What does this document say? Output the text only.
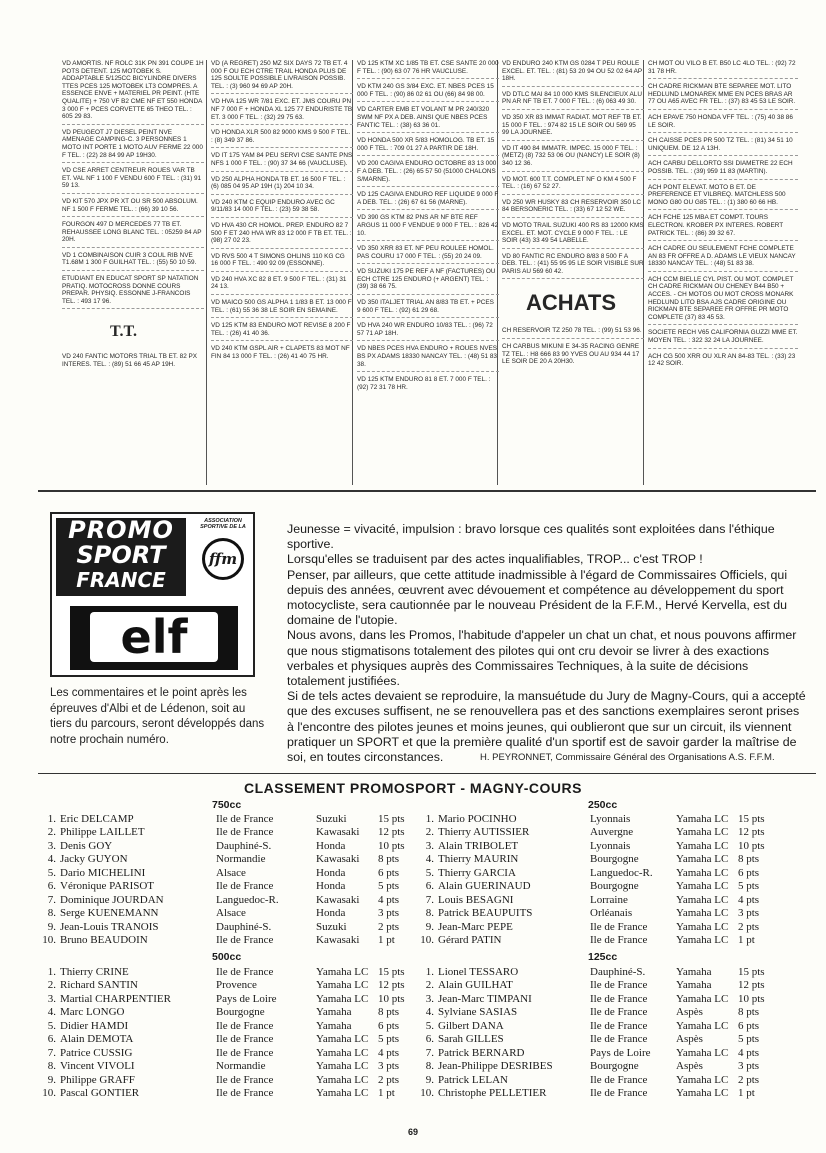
VD AMORTIS. NF ROLC 31K PN 391 COUPE 1H POTS DETENT. 125 MOTOBEK S. ADDAPTABLE 5/125CC BICYLINDRE DIVERS TTES PCES 125 MOTOBEK LT3 COMPRES. A ESSENCE ENVE + MATERIEL PR PEINT. (HTE QUALITE) + 750 VF B2 CME NF ET 550 HONDA 3 000 F + PCES CORVETTE 65 THEO TEL. : 605 29 83.
VD PEUGEOT J7 DIESEL PEINT NVE AMENAGE CAMPING-C. 3 PERSONNES 1 MOTO INT PORTE 1 MOTO AUV FERME 22 000 F TEL. : (22) 28 84 99 AP 19H30.
VD CSE ARRET CENTREUR ROUES VAR TB ET. VAL NF 1 100 F VENDU 600 F TEL. : (31) 91 59 13.
VD KIT 570 JPX PR XT OU SR 500 ABSOLUM. NF 1 500 F FERME TEL. : (66) 39 10 56.
FOURGON 497 D MERCEDES 77 TB ET. REHAUSSEE LONG BLANC TEL. : 05259 84 AP 20H.
VD 1 COMBINAISON CUIR 3 COUL RIB NVE T1.68M 1 300 F GUILHAT TEL. : (55) 50 10 59.
ETUDIANT EN EDUCAT SPORT SP NATATION PRATIQ. MOTOCROSS DONNE COURS PREPAR. PHYSIQ. ESSONNE J-FRANCOIS TEL. : 493 17 96.
T.T.
VD 240 FANTIC MOTORS TRIAL TB ET. 82 PX INTERES. TEL. : (89) 51 66 45 AP 19H.
VD (A REGRET) 250 MZ SIX DAYS 72 TB ET. 4 000 F OU ECH CTRE TRAIL HONDA PLUS DE 125 SOULTE POSSIBLE LIVRAISON POSSIB. TEL. : (3) 960 94 69 AP 20H.
VD HVA 125 WR 7/81 EXC. ET. JMS COURU PN NF 7 000 F + HONDA XL 125 77 ENDURISTE TB ET. 3 000 F TEL. : (32) 29 75 63.
VD HONDA XLR 500 82 9000 KMS 9 500 F TEL. : (8) 349 37 86.
VD IT 175 YAM 84 PEU SERVI CSE SANTE PNS NFS 1 000 F TEL. : (90) 37 34 66 (VAUCLUSE).
VD 250 ALPHA HONDA TB ET. 16 500 F TEL. : (6) 085 04 95 AP 19H (1) 204 10 34.
VD 240 KTM C EQUIP ENDURO AVEC GC 9/11/83 14 000 F TEL. : (23) 59 38 58.
VD HVA 430 CR HOMOL. PREP. ENDURO 82 7 500 F ET 240 HVA WR 83 12 000 F TB ET. TEL. : (98) 27 02 23.
VD RVS 500 4 T SIMONS OHLINS 110 KG CG 16 000 F TEL. : 490 92 09 (ESSONNE).
VD 240 HVA XC 82 8 ET. 9 500 F TEL. : (31) 31 24 13.
VD MAICO 500 GS ALPHA 1 1/83 B ET. 13 000 F TEL. : (61) 55 36 38 LE SOIR EN SEMAINE.
VD 125 KTM 83 ENDURO MOT REVISE 8 200 F TEL. : (26) 41 40 36.
VD 240 KTM GSPL AIR + CLAPETS 83 MOT NF FIN 84 13 000 F TEL. : (26) 41 40 75 HR.
VD 125 KTM XC 1/85 TB ET. CSE SANTE 20 000 F TEL. : (90) 63 07 76 HR VAUCLUSE.
VD KTM 240 GS 3/84 EXC. ET. NBES PCES 15 000 F TEL. : (90) 86 02 61 OU (66) 84 98 00.
VD CARTER EMB ET VOLANT M PR 240/320 SWM NF PX A DEB. AINSI QUE NBES PCES FANTIC TEL. : (38) 63 36 01.
VD HONDA 500 XR 5/83 HOMOLOG. TB ET. 15 000 F TEL. : 709 01 27 A PARTIR DE 18H.
VD 200 CAGIVA ENDURO OCTOBRE 83 13 000 F A DEB. TEL. : (26) 65 57 50 (51000 CHALONS S/MARNE).
VD 125 CAGIVA ENDURO REF LIQUIDE 9 000 F A DEB. TEL. : (26) 67 61 56 (MARNE).
VD 390 GS KTM 82 PNS AR NF BTE REF ARGUS 11 000 F VENDUE 9 000 F TEL. : 826 42 10.
VD 350 XRR 83 ET. NF PEU ROULEE HOMOL. PAS COURU 17 000 F TEL. : (55) 20 24 09.
VD SUZUKI 175 PE REF A NF (FACTURES) OU ECH CTRE 125 ENDURO (+ ARGENT) TEL. : (39) 38 66 75.
VD 350 ITALJET TRIAL AN 8/83 TB ET. + PCES 9 600 F TEL. : (92) 61 29 68.
VD HVA 240 WR ENDURO 10/83 TEL. : (96) 72 57 71 AP 18H.
VD NBES PCES HVA ENDURO + ROUES NVES BS PX ADAMS 18330 NANCAY TEL. : (48) 51 83 38.
VD 125 KTM ENDURO 81 8 ET. 7 000 F TEL. : (92) 72 31 78 HR.
VD ENDURO 240 KTM GS 0284 T PEU ROULE EXCEL. ET. TEL. : (81) 53 20 94 OU 52 02 64 AP 18H.
VD DTLC MAI 84 10 000 KMS SILENCIEUX ALU PN AR NF TB ET. 7 000 F TEL. : (6) 063 49 30.
VD 350 XR 83 IMMAT RADIAT. MOT REF TB ET. 15 000 F TEL. : 974 82 15 LE SOIR OU 569 95 99 LA JOURNEE.
VD IT 490 84 IMMATR. IMPEC. 15 000 F TEL. : (METZ) (8) 732 53 06 OU (NANCY) LE SOIR (8) 340 12 36.
VD MOT. 600 T.T. COMPLET NF O KM 4 500 F TEL. : (16) 67 52 27.
VD 250 WR HUSKY 83 CH RESERVOIR 350 LC 84 BERSONERIC TEL. : (33) 67 12 52 WE.
VD MOTO TRAIL SUZUKI 400 RS 83 12000 KMS EXCEL. ET. MOT. CYCLE 9 000 F TEL. : LE SOIR (43) 33 49 54 LABELLE.
VD 80 FANTIC RC ENDURO 8/83 8 500 F A DEB. TEL. : (41) 55 95 95 LE SOIR VISIBLE SUR PARIS AU 569 60 42.
ACHATS
CH RESERVOIR TZ 250 78 TEL. : (99) 51 53 96.
CH CARBUS MIKUNI E 34-35 RACING GENRE TZ TEL. : H8 666 83 90 YVES OU AU 934 44 17 LE SOIR DE 20 A 20H30.
CH MOT OU VILO B ET. B50 LC 4LO TEL. : (92) 72 31 78 HR.
CH CADRE RICKMAN BTE SEPAREE MOT. LITO HEDLUND LMONAREK MME EN PCES BRAS AR 77 OU A65 AVEC FR TEL. : (37) 83 45 53 LE SOIR.
ACH EPAVE 750 HONDA VFF TEL. : (75) 40 38 86 LE SOIR.
CH CAISSE PCES PR 500 TZ TEL. : (81) 34 51 10 UNIQUEM. DE 12 A 13H.
ACH CARBU DELLORTO SSI DIAMETRE 22 ECH POSSIB. TEL. : (39) 959 11 83 (MARTIN).
ACH PONT ELEVAT. MOTO B ET. DE PREFERENCE ET VILBREQ. MATCHLESS 500 MONO G80 OU G85 TEL. : (1) 380 60 66 HB.
ACH FCHE 125 MBA ET COMPT. TOURS ELECTRON. KROBER PX INTERES. ROBERT PATRICK TEL. : (86) 39 32 67.
ACH CADRE OU SEULEMENT FCHE COMPLETE AN 83 FR OFFRE A D. ADAMS LE VIEUX NANCAY 18330 NANCAY TEL. : (48) 51 83 38.
ACH CCM BIELLE CYL PIST. OU MOT. COMPLET CH CADRE RICKMAN OU CHENEY B44 B50 + ACCES. - CH MOTOS OU MOT CROSS MONARK HEDLUND LITO BSA AJS CADRE ORIGINE OU RICKMAN BTE SEPAREE FR OFFRE PR MOTO COMPLETE (37) 83 45 53.
SOCIETE RECH V65 CALIFORNIA GUZZI MME ET. MOYEN TEL. : 322 32 24 LA JOURNEE.
ACH CG 500 XRR OU XLR AN 84-83 TEL. : (33) 23 12 42 SOIR.
PROMO
SPORT
FRANCE
ASSOCIATION SPORTIVE DE LA
ffm
elf
Les commentaires et le point après les épreuves d'Albi et de Lédenon, soit au tiers du parcours, seront développés dans notre prochain numéro.

Jeunesse = vivacité, impulsion : bravo lorsque ces qualités sont exploitées dans l'éthique sportive.

Lorsqu'elles se traduisent par des actes inqualifiables, TROP... c'est TROP !

Penser, par ailleurs, que cette attitude inadmissible à l'égard de Commissaires Officiels, qui depuis des années, œuvrent avec dévouement et compétence au développement du sport motocycliste, sera cautionnée par le nouveau Président de la F.F.M., Hervé Kervella, est du domaine de l'utopie.

Nous avons, dans les Promos, l'habitude d'appeler un chat un chat, et nous pouvons affirmer que nous stigmatisons totalement des pilotes qui ont cru devoir se livrer à des exactions verbales et physiques auprès des Commissaires Techniques, à la suite de décisions totalement justifiées.

Si de tels actes devaient se reproduire, la mansuétude du Jury de Magny-Cours, qui a accepté que des excuses suffisent, ne se renouvellera pas et des sanctions exemplaires seront prises à l'encontre des pilotes jeunes et moins jeunes, qui oublieront que sur un circuit, ils viennent pratiquer un SPORT et que la première qualité d'un sportif est de savoir garder la maîtrise de soi, en toutes circonstances.	H. PEYRONNET, Commissaire Général des Organisations A.S. F.F.M.
CLASSEMENT PROMOSPORT - MAGNY-COURS
750cc
1.	Eric DELCAMP	Ile de France	Suzuki	15 pts
2.	Philippe LAILLET	Ile de France	Kawasaki	12 pts
3.	Denis GOY	Dauphiné-S.	Honda	10 pts
4.	Jacky GUYON	Normandie	Kawasaki	8 pts
5.	Dario MICHELINI	Alsace	Honda	6 pts
6.	Véronique PARISOT	Ile de France	Honda	5 pts
7.	Dominique JOURDAN	Languedoc-R.	Kawasaki	4 pts
8.	Serge KUENEMANN	Alsace	Honda	3 pts
9.	Jean-Louis TRANOIS	Dauphiné-S.	Suzuki	2 pts
10.	Bruno BEAUDOIN	Ile de France	Kawasaki	1 pt
250cc
1.	Mario POCINHO	Lyonnais	Yamaha LC	15 pts
2.	Thierry AUTISSIER	Auvergne	Yamaha LC	12 pts
3.	Alain TRIBOLET	Lyonnais	Yamaha LC	10 pts
4.	Thierry MAURIN	Bourgogne	Yamaha LC	8 pts
5.	Thierry GARCIA	Languedoc-R.	Yamaha LC	6 pts
6.	Alain GUERINAUD	Bourgogne	Yamaha LC	5 pts
7.	Louis BESAGNI	Lorraine	Yamaha LC	4 pts
8.	Patrick BEAUPUITS	Orléanais	Yamaha LC	3 pts
9.	Jean-Marc PEPE	Ile de France	Yamaha LC	2 pts
10.	Gérard PATIN	Ile de France	Yamaha LC	1 pt
500cc
1.	Thierry CRINE	Ile de France	Yamaha LC	15 pts
2.	Richard SANTIN	Provence	Yamaha LC	12 pts
3.	Martial CHARPENTIER	Pays de Loire	Yamaha LC	10 pts
4.	Marc LONGO	Bourgogne	Yamaha	8 pts
5.	Didier HAMDI	Ile de France	Yamaha	6 pts
6.	Alain DEMOTA	Ile de France	Yamaha LC	5 pts
7.	Patrice CUSSIG	Ile de France	Yamaha LC	4 pts
8.	Vincent VIVOLI	Normandie	Yamaha LC	3 pts
9.	Philippe GRAFF	Ile de France	Yamaha LC	2 pts
10.	Pascal GONTIER	Ile de France	Yamaha LC	1 pt
125cc
1.	Lionel TESSARO	Dauphiné-S.	Yamaha	15 pts
2.	Alain GUILHAT	Ile de France	Yamaha	12 pts
3.	Jean-Marc TIMPANI	Ile de France	Yamaha LC	10 pts
4.	Sylviane SASIAS	Ile de France	Aspès	8 pts
5.	Gilbert DANA	Ile de France	Yamaha LC	6 pts
6.	Sarah GILLES	Ile de France	Aspès	5 pts
7.	Patrick BERNARD	Pays de Loire	Yamaha LC	4 pts
8.	Jean-Philippe DESRIBES	Bourgogne	Aspès	3 pts
9.	Patrick LELAN	Ile de France	Yamaha LC	2 pts
10.	Christophe PELLETIER	Ile de France	Yamaha LC	1 pt
69
